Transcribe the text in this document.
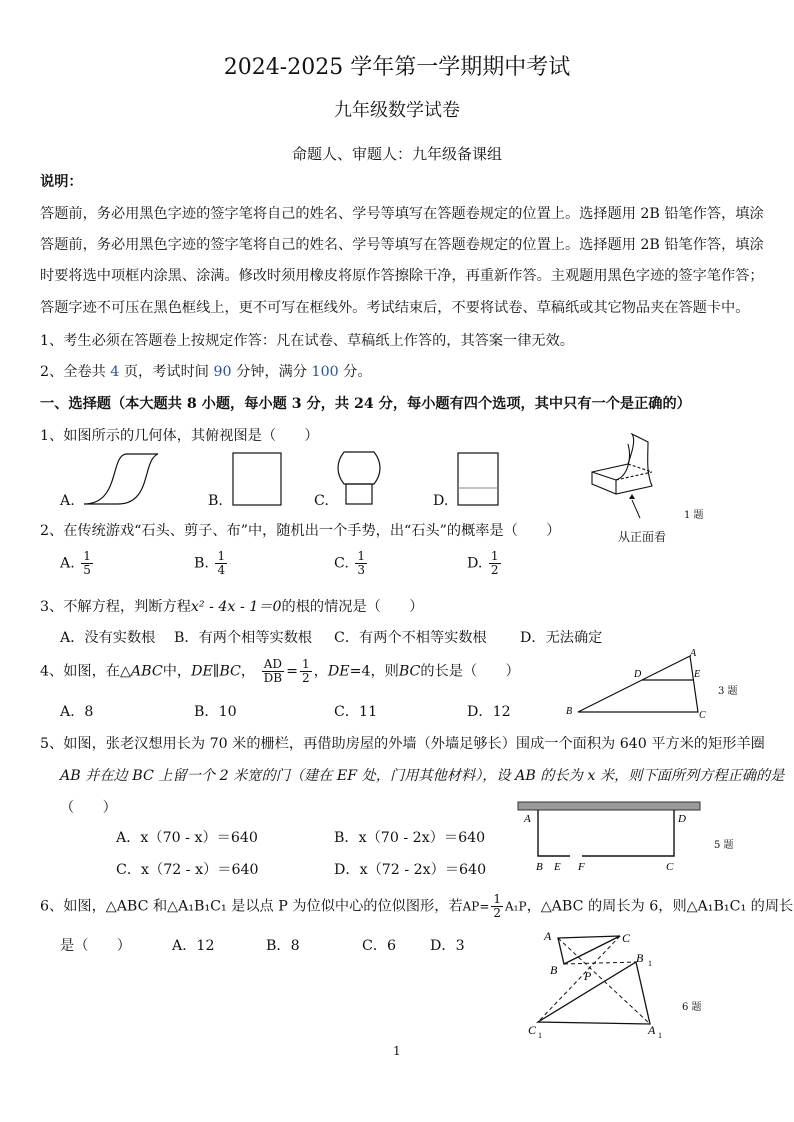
2024-2025 学年第一学期期中考试
九年级数学试卷
命题人、审题人：九年级备课组
说明：
答题前，务必用黑色字迹的签字笔将自己的姓名、学号等填写在答题卷规定的位置上。选择题用 2B 铅笔作答，填涂
答题前，务必用黑色字迹的签字笔将自己的姓名、学号等填写在答题卷规定的位置上。选择题用 2B 铅笔作答，填涂
时要将选中项框内涂黑、涂满。修改时须用橡皮将原作答擦除干净，再重新作答。主观题用黑色字迹的签字笔作答；
答题字迹不可压在黑色框线上，更不可写在框线外。考试结束后，不要将试卷、草稿纸或其它物品夹在答题卡中。
1、考生必须在答题卷上按规定作答：凡在试卷、草稿纸上作答的，其答案一律无效。
2、全卷共 4 页，考试时间 90 分钟，满分 100 分。
一、选择题（本大题共 8 小题，每小题 3 分，共 24 分，每小题有四个选项，其中只有一个是正确的）
1、如图所示的几何体，其俯视图是（　　）
A.	B.	C.	D.
从正面看
1 题
2、在传统游戏“石头、剪子、布”中，随机出一个手势，出“石头”的概率是（　　）
A. $\frac{1}{5}$	B. $\frac{1}{4}$	C. $\frac{1}{3}$	D. $\frac{1}{2}$
3、不解方程，判断方程x² - 4x - 1＝0的根的情况是（　　）
A．没有实数根 B．有两个相等实数根 C．有两个不相等实数根 D．无法确定
4、如图，在△ABC中，DE∥BC， $\frac{AD}{DB} = \frac{1}{2}$ ，DE=4，则BC的长是（　　）
A．8	B．10	C．11	D．12
A
D	E
B	C
3 题
5、如图，张老汉想用长为 70 米的栅栏，再借助房屋的外墙（外墙足够长）围成一个面积为 640 平方米的矩形羊圈
AB 并在边 BC 上留一个 2 米宽的门（建在 EF 处，门用其他材料），设 AB 的长为 x 米，则下面所列方程正确的是
（　　）
A．x（70 - x）＝640	B．x（70 - 2x）＝640
C．x（72 - x）＝640	D．x（72 - 2x）＝640
A	D
B E F	C
5 题
6、如图，△ABC 和△A₁B₁C₁ 是以点 P 为位似中心的位似图形，若$AP= \frac{1}{2} A_1P$，△ABC 的周长为 6，则△A₁B₁C₁ 的周长
是（　　）	A．12	B．8	C．6 D．3
A	C
B P
B 1
C 1	A 1
6 题
1
